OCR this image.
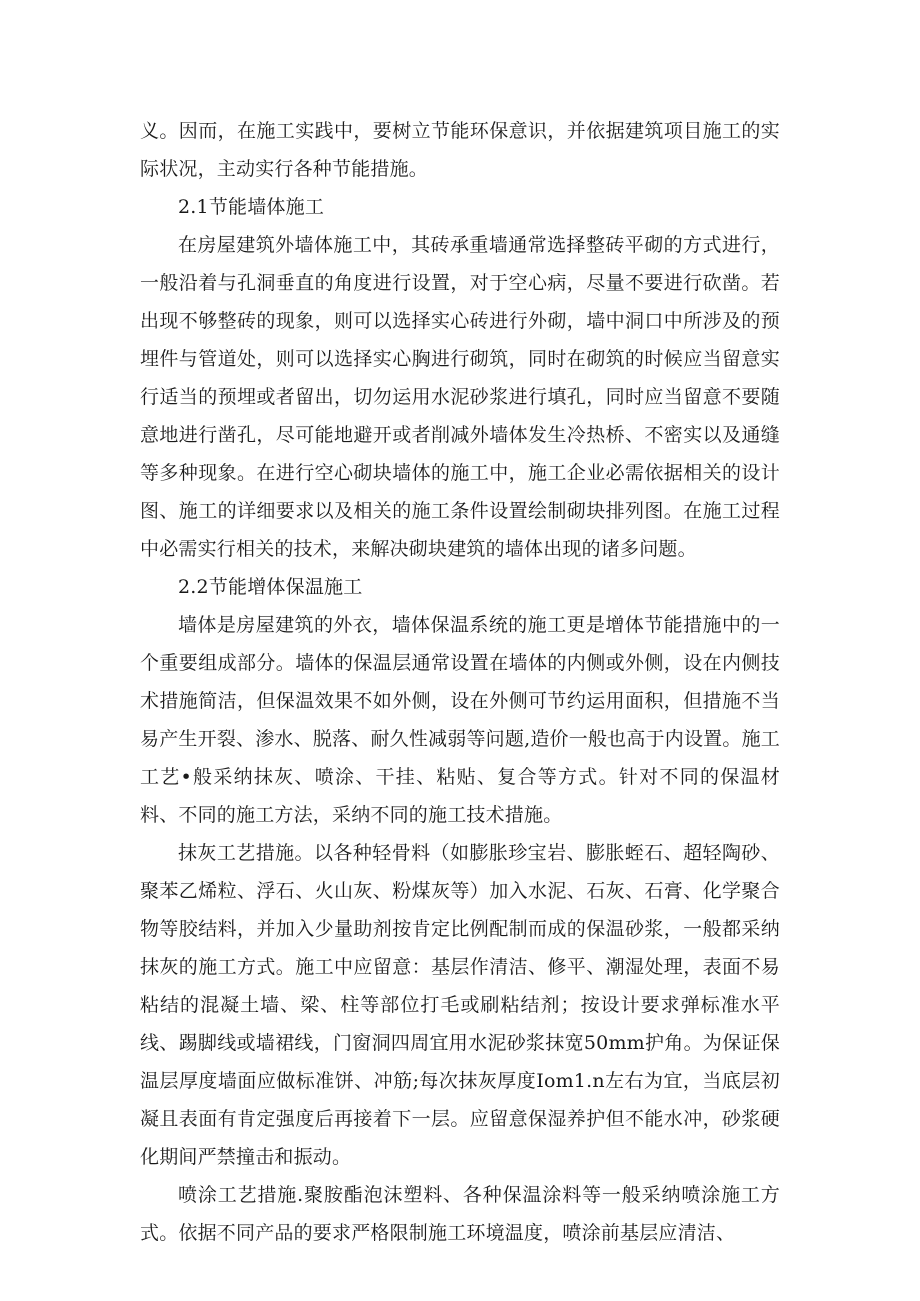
义。因而，在施工实践中，要树立节能环保意识，并依据建筑项目施工的实际状况，主动实行各种节能措施。

2.1节能墙体施工

在房屋建筑外墙体施工中，其砖承重墙通常选择整砖平砌的方式进行，一般沿着与孔洞垂直的角度进行设置，对于空心病，尽量不要进行砍凿。若出现不够整砖的现象，则可以选择实心砖进行外砌，墙中洞口中所涉及的预埋件与管道处，则可以选择实心胸进行砌筑，同时在砌筑的时候应当留意实行适当的预埋或者留出，切勿运用水泥砂浆进行填孔，同时应当留意不要随意地进行凿孔，尽可能地避开或者削减外墙体发生冷热桥、不密实以及通缝等多种现象。在进行空心砌块墙体的施工中，施工企业必需依据相关的设计图、施工的详细要求以及相关的施工条件设置绘制砌块排列图。在施工过程中必需实行相关的技术，来解决砌块建筑的墙体出现的诸多问题。

2.2节能增体保温施工

墙体是房屋建筑的外衣，墙体保温系统的施工更是增体节能措施中的一个重要组成部分。墙体的保温层通常设置在墙体的内侧或外侧，设在内侧技术措施简洁，但保温效果不如外侧，设在外侧可节约运用面积，但措施不当易产生开裂、渗水、脱落、耐久性减弱等问题,造价一般也高于内设置。施工工艺•般采纳抹灰、喷涂、干挂、粘贴、复合等方式。针对不同的保温材料、不同的施工方法，采纳不同的施工技术措施。

抹灰工艺措施。以各种轻骨料（如膨胀珍宝岩、膨胀蛭石、超轻陶砂、聚苯乙烯粒、浮石、火山灰、粉煤灰等）加入水泥、石灰、石膏、化学聚合物等胶结料，并加入少量助剂按肯定比例配制而成的保温砂浆，一般都采纳抹灰的施工方式。施工中应留意：基层作清洁、修平、潮湿处理，表面不易粘结的混凝土墙、梁、柱等部位打毛或刷粘结剂；按设计要求弹标准水平线、踢脚线或墙裙线，门窗洞四周宜用水泥砂浆抹宽50mm护角。为保证保温层厚度墙面应做标准饼、冲筋;每次抹灰厚度Iom1.n左右为宜，当底层初凝且表面有肯定强度后再接着下一层。应留意保湿养护但不能水冲，砂浆硬化期间严禁撞击和振动。

喷涂工艺措施.聚胺酯泡沫塑料、各种保温涂料等一般采纳喷涂施工方式。依据不同产品的要求严格限制施工环境温度，喷涂前基层应清洁、
